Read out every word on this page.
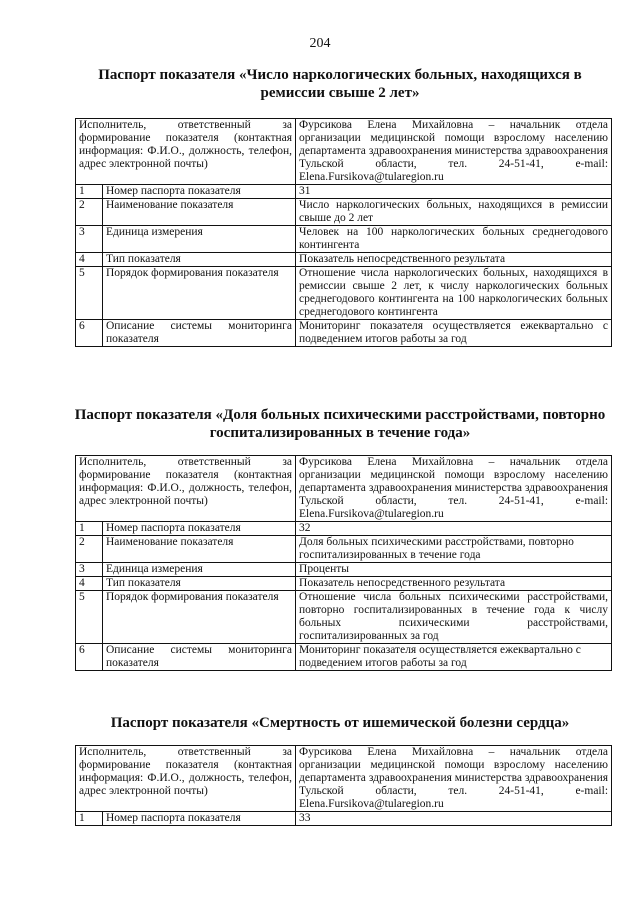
204
Паспорт показателя «Число наркологических больных, находящихся в ремиссии свыше 2 лет»
Исполнитель, ответственный за формирование показателя (контактная информация: Ф.И.О., должность, телефон, адрес электронной почты)		Фурсикова Елена Михайловна – начальник отдела организации медицинской помощи взрослому населению департамента здравоохранения министерства здравоохранения Тульской области, тел. 24-51-41, e-mail: Elena.Fursikova@tularegion.ru
1	Номер паспорта показателя	31
2	Наименование показателя	Число наркологических больных, находящихся в ремиссии свыше до 2 лет
3	Единица измерения	Человек на 100 наркологических больных среднегодового контингента
4	Тип показателя	Показатель непосредственного результата
5	Порядок формирования показателя	Отношение числа наркологических больных, находящихся в ремиссии свыше 2 лет, к числу наркологических больных среднегодового контингента на 100 наркологических больных среднегодового контингента
6	Описание системы мониторинга показателя	Мониторинг показателя осуществляется ежеквартально с подведением итогов работы за год
Паспорт показателя «Доля больных психическими расстройствами, повторно госпитализированных в течение года»
Исполнитель, ответственный за формирование показателя (контактная информация: Ф.И.О., должность, телефон, адрес электронной почты)		Фурсикова Елена Михайловна – начальник отдела организации медицинской помощи взрослому населению департамента здравоохранения министерства здравоохранения Тульской области, тел. 24-51-41, e-mail: Elena.Fursikova@tularegion.ru
1	Номер паспорта показателя	32
2	Наименование показателя	Доля больных психическими расстройствами, повторно госпитализированных в течение года
3	Единица измерения	Проценты
4	Тип показателя	Показатель непосредственного результата
5	Порядок формирования показателя	Отношение числа больных психическими расстройствами, повторно госпитализированных в течение года к числу больных психическими расстройствами, госпитализированных за год
6	Описание системы мониторинга показателя	Мониторинг показателя осуществляется ежеквартально с подведением итогов работы за год
Паспорт показателя «Смертность от ишемической болезни сердца»
Исполнитель, ответственный за формирование показателя (контактная информация: Ф.И.О., должность, телефон, адрес электронной почты)		Фурсикова Елена Михайловна – начальник отдела организации медицинской помощи взрослому населению департамента здравоохранения министерства здравоохранения Тульской области, тел. 24-51-41, e-mail: Elena.Fursikova@tularegion.ru
1	Номер паспорта показателя	33
